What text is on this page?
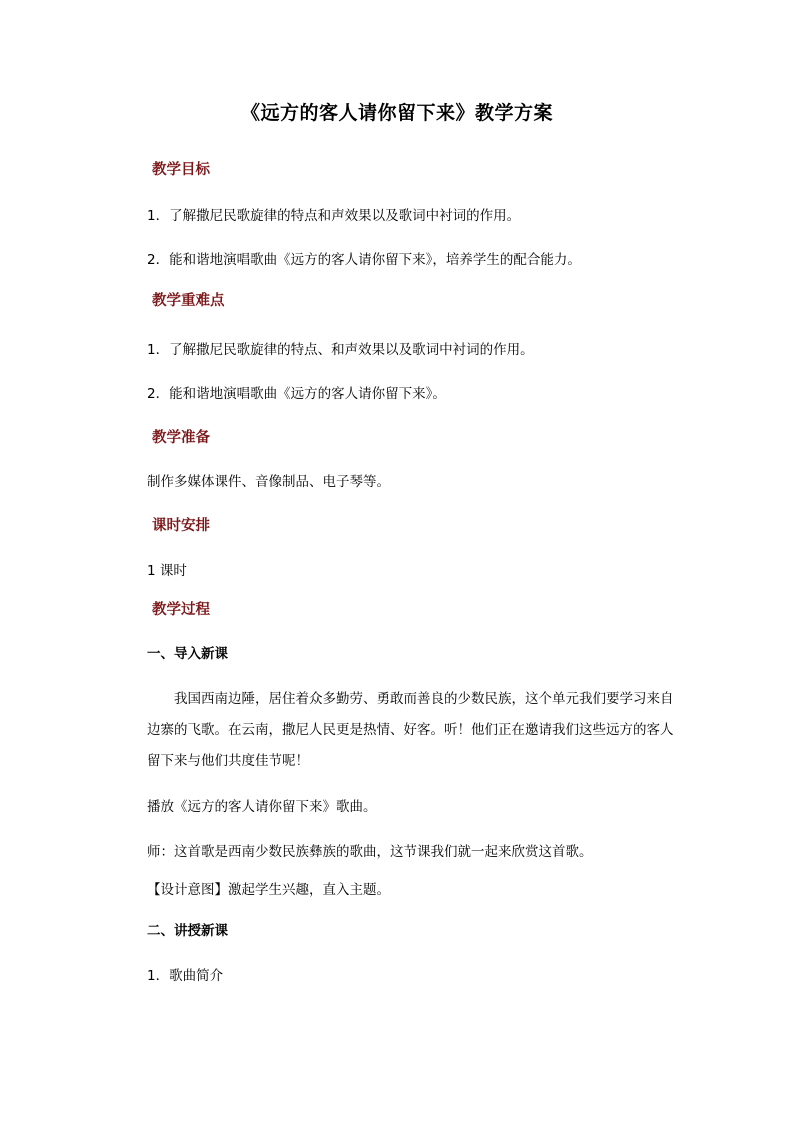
《远方的客人请你留下来》教学方案
教学目标
1．了解撒尼民歌旋律的特点和声效果以及歌词中衬词的作用。
2．能和谐地演唱歌曲《远方的客人请你留下来》，培养学生的配合能力。
教学重难点
1．了解撒尼民歌旋律的特点、和声效果以及歌词中衬词的作用。
2．能和谐地演唱歌曲《远方的客人请你留下来》。
教学准备
制作多媒体课件、音像制品、电子琴等。
课时安排
1 课时
教学过程
一、导入新课
我国西南边陲，居住着众多勤劳、勇敢而善良的少数民族，这个单元我们要学习来自
边寨的飞歌。在云南，撒尼人民更是热情、好客。听！他们正在邀请我们这些远方的客人
留下来与他们共度佳节呢！
播放《远方的客人请你留下来》歌曲。
师：这首歌是西南少数民族彝族的歌曲，这节课我们就一起来欣赏这首歌。
【设计意图】激起学生兴趣，直入主题。
二、讲授新课
1．歌曲简介
